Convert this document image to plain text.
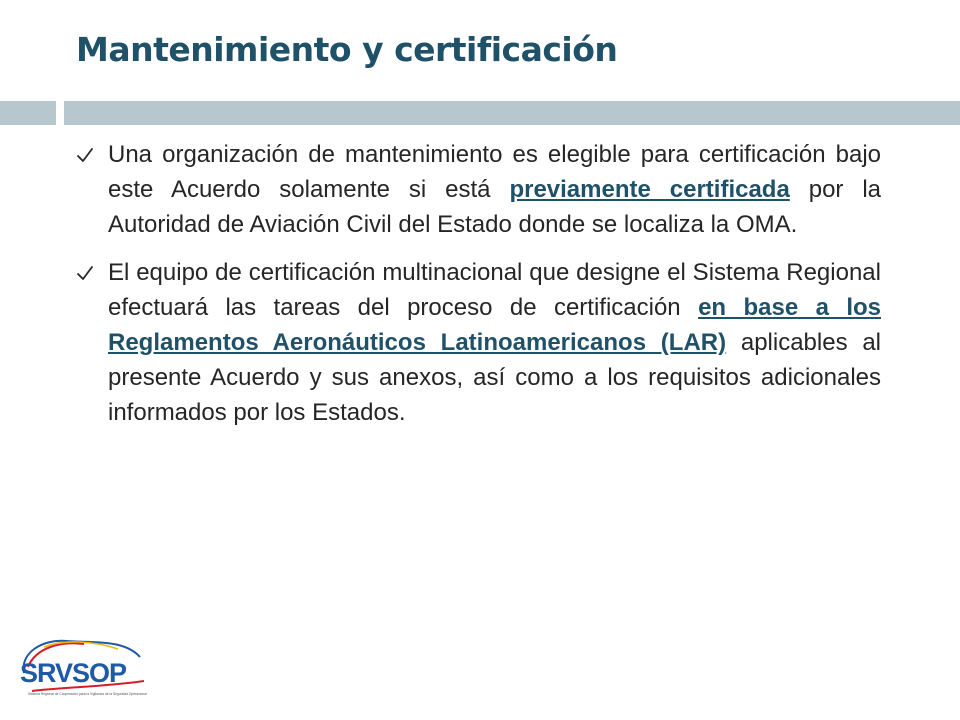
Mantenimiento y certificación
Una organización de mantenimiento es elegible para certificación bajo este Acuerdo solamente si está previamente certificada por la Autoridad de Aviación Civil del Estado donde se localiza la OMA.
El equipo de certificación multinacional que designe el Sistema Regional efectuará las tareas del proceso de certificación en base a los Reglamentos Aeronáuticos Latinoamericanos (LAR) aplicables al presente Acuerdo y sus anexos, así como a los requisitos adicionales informados por los Estados.
SRVSOP
Sistema Regional de Cooperación para la Vigilancia de la Seguridad Operacional
